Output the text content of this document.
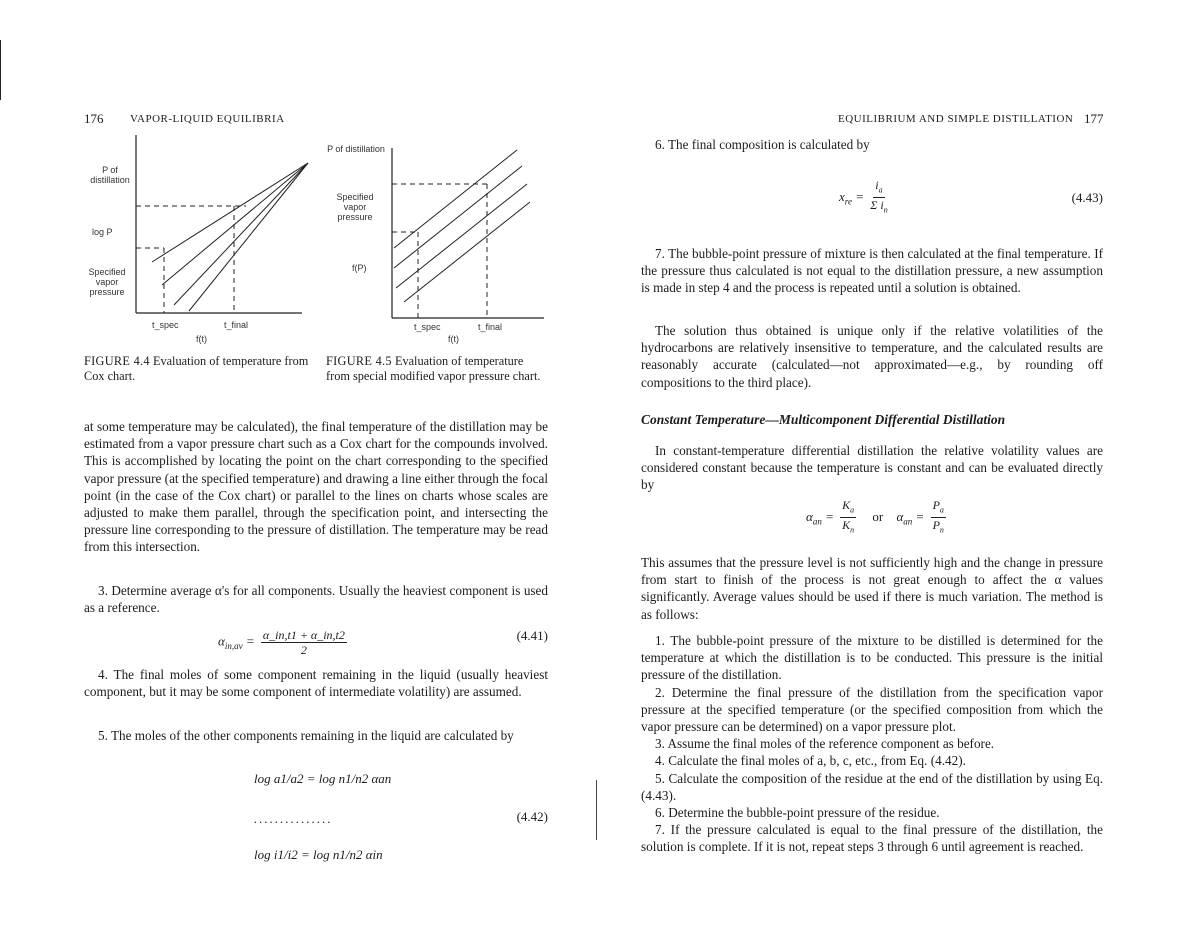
176 VAPOR-LIQUID EQUILIBRIA
P of distillation
log P
Specified vapor pressure
t_spec	t_final
f(t)
FIGURE 4.4 Evaluation of temperature from Cox chart.
P of distillation
Specified vapor pressure
f(P)
t_spec	t_final
f(t)
FIGURE 4.5 Evaluation of temperature from special modified vapor pressure chart.
at some temperature may be calculated), the final temperature of the distillation may be estimated from a vapor pressure chart such as a Cox chart for the compounds involved. This is accomplished by locating the point on the chart corresponding to the specified vapor pressure (at the specified temperature) and drawing a line either through the focal point (in the case of the Cox chart) or parallel to the lines on charts whose scales are adjusted to make them parallel, through the specification point, and intersecting the pressure line corresponding to the pressure of distillation. The temperature may be read from this intersection.
3. Determine average α's for all components. Usually the heaviest component is used as a reference.
$\alpha_{in,av} = \frac{\alpha\_in,t1 + \alpha\_in,t2}{2}$	(4.41)
4. The final moles of some component remaining in the liquid (usually heaviest component, but it may be some component of intermediate volatility) are assumed.
5. The moles of the other components remaining in the liquid are calculated by
log a1/a2 = log n1/n2 αan
...............	(4.42)
log i1/i2 = log n1/n2 αin
EQUILIBRIUM AND SIMPLE DISTILLATION 177
6. The final composition is calculated by
$x_{re} = \frac{i_a}{\Sigma i_n}$	(4.43)
7. The bubble-point pressure of mixture is then calculated at the final temperature. If the pressure thus calculated is not equal to the distillation pressure, a new assumption is made in step 4 and the process is repeated until a solution is obtained.
The solution thus obtained is unique only if the relative volatilities of the hydrocarbons are relatively insensitive to temperature, and the calculated results are reasonably accurate (calculated—not approximated—e.g., by rounding off compositions to the third place).
Constant Temperature—Multicomponent Differential Distillation
In constant-temperature differential distillation the relative volatility values are considered constant because the temperature is constant and can be evaluated directly by
$\alpha_{an} = \frac{K_a}{K_n}$ or $\alpha_{an} = \frac{P_a}{P_n}$
This assumes that the pressure level is not sufficiently high and the change in pressure from start to finish of the process is not great enough to affect the α values significantly. Average values should be used if there is much variation. The method is as follows:

1. The bubble-point pressure of the mixture to be distilled is determined for the temperature at which the distillation is to be conducted. This pressure is the initial pressure of the distillation.

2. Determine the final pressure of the distillation from the specification vapor pressure at the specified temperature (or the specified composition from which the vapor pressure can be determined) on a vapor pressure plot.

3. Assume the final moles of the reference component as before.

4. Calculate the final moles of a, b, c, etc., from Eq. (4.42).

5. Calculate the composition of the residue at the end of the distillation by using Eq. (4.43).

6. Determine the bubble-point pressure of the residue.

7. If the pressure calculated is equal to the final pressure of the distillation, the solution is complete. If it is not, repeat steps 3 through 6 until agreement is reached.
